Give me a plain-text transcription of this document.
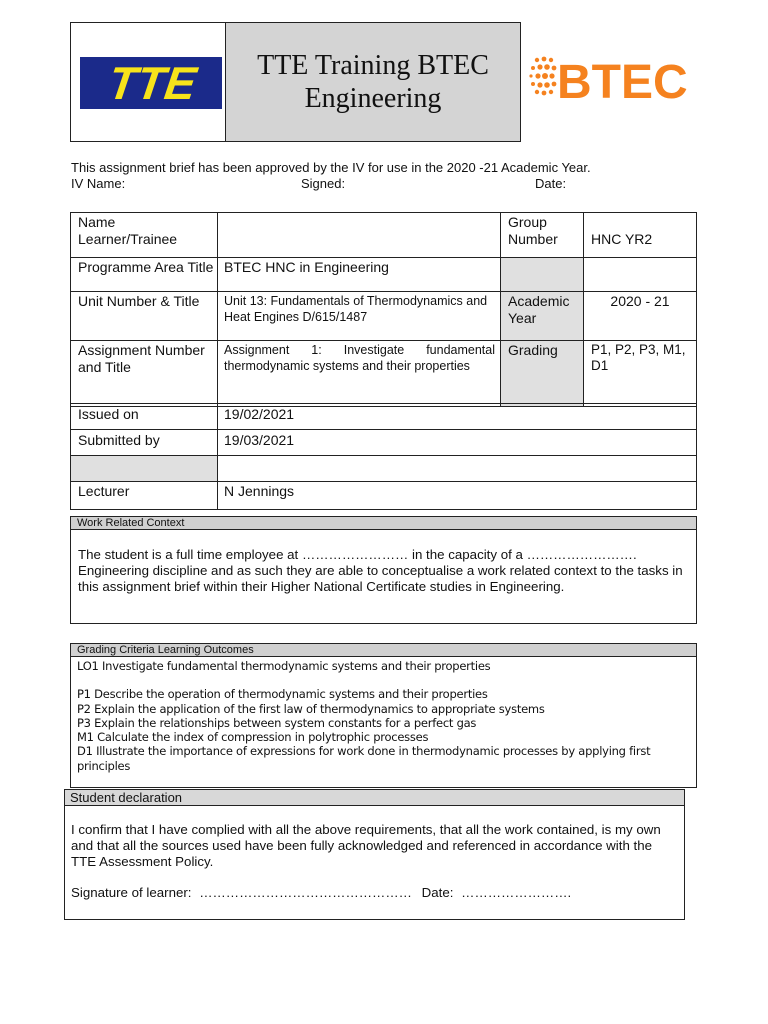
TTE Training BTEC Engineering
TTE	BTEC
This assignment brief has been approved by the IV for use in the 2020 -21 Academic Year.
IV Name:	Signed:	Date:
Name Learner/Trainee		Group Number	HNC YR2
Programme Area Title	BTEC HNC in Engineering		
Unit Number & Title	Unit 13: Fundamentals of Thermodynamics and Heat Engines D/615/1487	Academic Year	2020 - 21
Assignment Number and Title	Assignment 1: Investigate fundamental thermodynamic systems and their properties	Grading	P1, P2, P3, M1, D1
Issued on	19/02/2021
Submitted by	19/03/2021
Lecturer	N Jennings
Work Related Context
The student is a full time employee at …………………… in the capacity of a ……………………. Engineering discipline and as such they are able to conceptualise a work related context to the tasks in this assignment brief within their Higher National Certificate studies in Engineering.
Grading Criteria Learning Outcomes
LO1 Investigate fundamental thermodynamic systems and their properties
P1 Describe the operation of thermodynamic systems and their properties
P2 Explain the application of the first law of thermodynamics to appropriate systems
P3 Explain the relationships between system constants for a perfect gas
M1 Calculate the index of compression in polytrophic processes
D1 Illustrate the importance of expressions for work done in thermodynamic processes by applying first principles
Student declaration
I confirm that I have complied with all the above requirements, that all the work contained, is my own and that all the sources used have been fully acknowledged and referenced in accordance with the TTE Assessment Policy.
Signature of learner: ………………………………………… Date: …………………….
